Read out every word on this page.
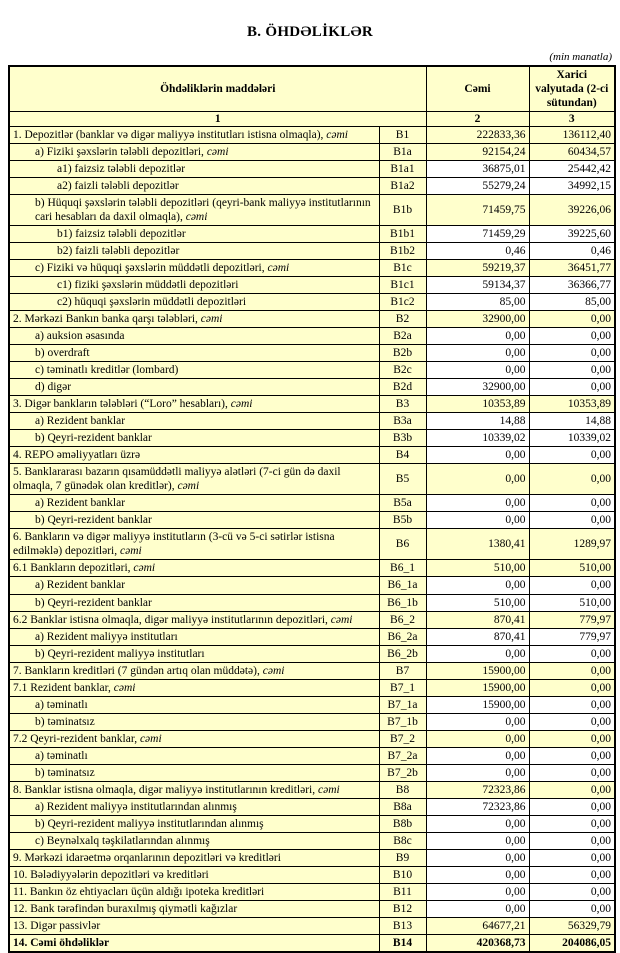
B. ÖHDƏLİKLƏR
(min manatla)
Öhdəliklərin maddələri		Cəmi	Xarici valyutada (2-ci sütundan)
1		2	3
1. Depozitlər (banklar və digər maliyyə institutları istisna olmaqla), cəmi	B1	222833,36	136112,40
a) Fiziki şəxslərin tələbli depozitləri, cəmi	B1a	92154,24	60434,57
a1) faizsiz tələbli depozitlər	B1a1	36875,01	25442,42
a2) faizli tələbli depozitlər	B1a2	55279,24	34992,15
b) Hüquqi şəxslərin tələbli depozitləri (qeyri-bank maliyyə institutlarının cari hesabları da daxil olmaqla), cəmi	B1b	71459,75	39226,06
b1) faizsiz tələbli depozitlər	B1b1	71459,29	39225,60
b2) faizli tələbli depozitlər	B1b2	0,46	0,46
c) Fiziki və hüquqi şəxslərin müddətli depozitləri, cəmi	B1c	59219,37	36451,77
c1) fiziki şəxslərin müddətli depozitləri	B1c1	59134,37	36366,77
c2) hüquqi şəxslərin müddətli depozitləri	B1c2	85,00	85,00
2. Mərkəzi Bankın banka qarşı tələbləri, cəmi	B2	32900,00	0,00
a) auksion əsasında	B2a	0,00	0,00
b) overdraft	B2b	0,00	0,00
c) təminatlı kreditlər (lombard)	B2c	0,00	0,00
d) digər	B2d	32900,00	0,00
3. Digər bankların tələbləri (“Loro” hesabları), cəmi	B3	10353,89	10353,89
a) Rezident banklar	B3a	14,88	14,88
b) Qeyri-rezident banklar	B3b	10339,02	10339,02
4. REPO əməliyyatları üzrə	B4	0,00	0,00
5. Banklararası bazarın qısamüddətli maliyyə alətləri (7-ci gün də daxil olmaqla, 7 günədək olan kreditlər), cəmi	B5	0,00	0,00
a) Rezident banklar	B5a	0,00	0,00
b) Qeyri-rezident banklar	B5b	0,00	0,00
6. Bankların və digər maliyyə institutların (3-cü və 5-ci sətirlər istisna edilməklə) depozitləri, cəmi	B6	1380,41	1289,97
6.1 Bankların depozitləri, cəmi	B6_1	510,00	510,00
a) Rezident banklar	B6_1a	0,00	0,00
b) Qeyri-rezident banklar	B6_1b	510,00	510,00
6.2 Banklar istisna olmaqla, digər maliyyə institutlarının depozitləri, cəmi	B6_2	870,41	779,97
a) Rezident maliyyə institutları	B6_2a	870,41	779,97
b) Qeyri-rezident maliyyə institutları	B6_2b	0,00	0,00
7. Bankların kreditləri (7 gündən artıq olan müddətə), cəmi	B7	15900,00	0,00
7.1 Rezident banklar, cəmi	B7_1	15900,00	0,00
a) təminatlı	B7_1a	15900,00	0,00
b) təminatsız	B7_1b	0,00	0,00
7.2 Qeyri-rezident banklar, cəmi	B7_2	0,00	0,00
a) təminatlı	B7_2a	0,00	0,00
b) təminatsız	B7_2b	0,00	0,00
8. Banklar istisna olmaqla, digər maliyyə institutlarının kreditləri, cəmi	B8	72323,86	0,00
a) Rezident maliyyə institutlarından alınmış	B8a	72323,86	0,00
b) Qeyri-rezident maliyyə institutlarından alınmış	B8b	0,00	0,00
c) Beynəlxalq təşkilatlarından alınmış	B8c	0,00	0,00
9. Mərkəzi idarəetmə orqanlarının depozitləri və kreditləri	B9	0,00	0,00
10. Bələdiyyələrin depozitləri və kreditləri	B10	0,00	0,00
11. Bankın öz ehtiyacları üçün aldığı ipoteka kreditləri	B11	0,00	0,00
12. Bank tərəfindən buraxılmış qiymətli kağızlar	B12	0,00	0,00
13. Digər passivlər	B13	64677,21	56329,79
14. Cəmi öhdəliklər	B14	420368,73	204086,05
